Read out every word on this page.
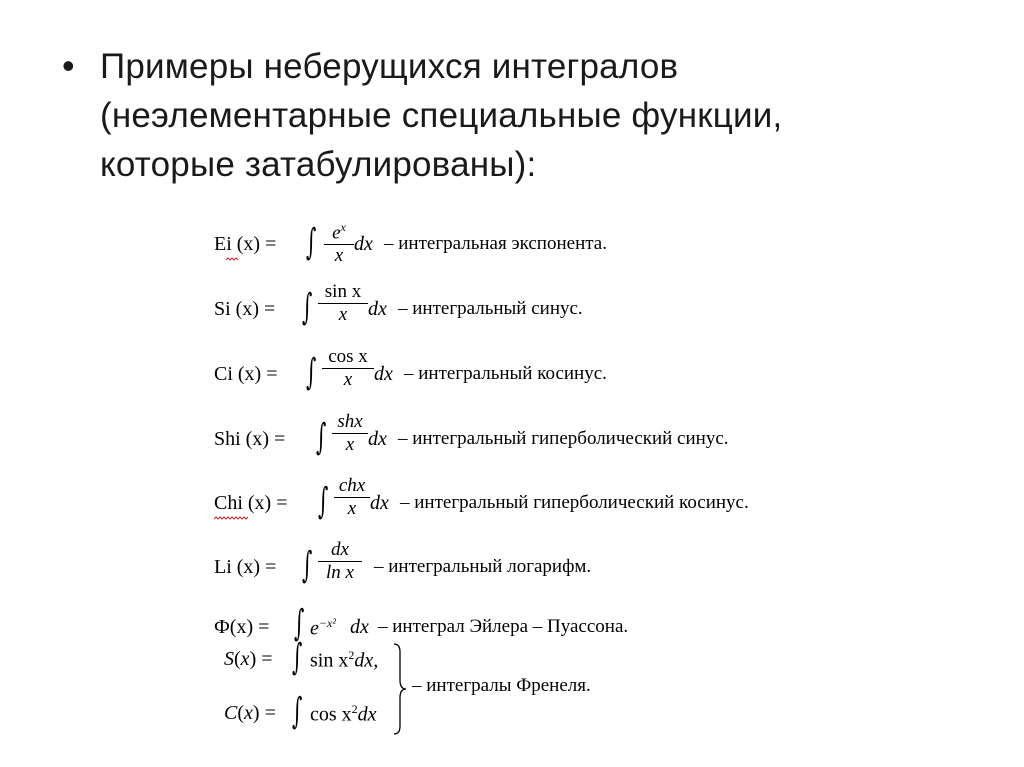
• Примеры неберущихся интегралов
(неэлементарные специальные функции,
которые затабулированы):
Ei (x) = ∫ $e^x$
x
dx – интегральная экспонента.
Si (x) = ∫ sin x
x dx – интегральный синус.
Ci (x) = ∫ cos x
x dx – интегральный косинус.
Shi (x) = ∫ shx
x dx – интегральный гиперболический синус.
Chi (x) = ∫ chx
x dx – интегральный гиперболический косинус.
Li (x) = ∫ dx
ln x – интегральный логарифм.
Ф(x) = ∫ $e^{-x^2}$ dx – интеграл Эйлера – Пуассона.
S(x) = ∫ $\sin x^2dx$,
C(x) = ∫ $\cos x^2dx$
– интегралы Френеля.
